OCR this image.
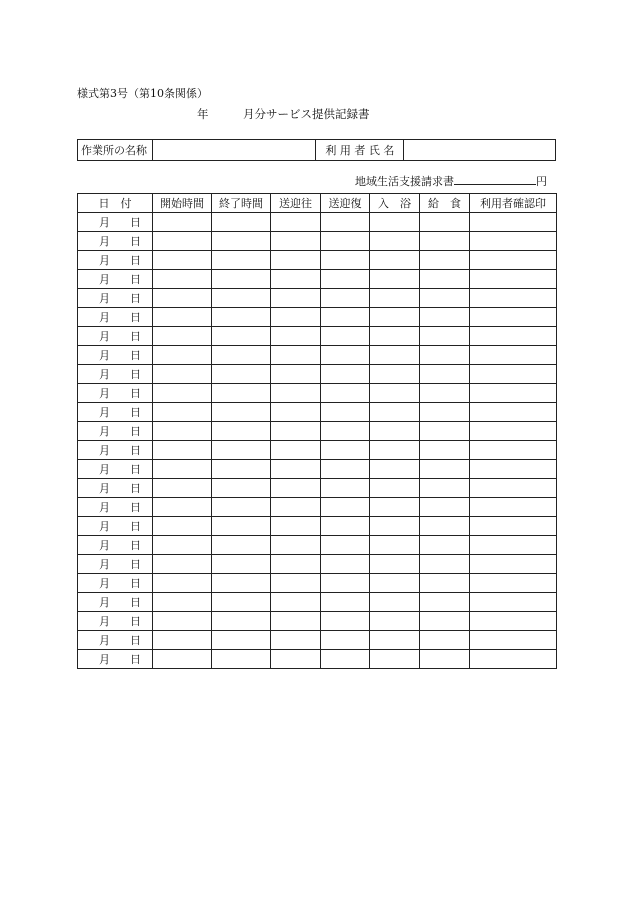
様式第3号（第10条関係）
年	月分サービス提供記録書
作業所の名称		利 用 者 氏 名	
地域生活支援請求書	円
日　付	開始時間	終了時間	送迎往	送迎復	入　浴	給　食	利用者確認印
月 日							
月 日							
月 日							
月 日							
月 日							
月 日							
月 日							
月 日							
月 日							
月 日							
月 日							
月 日							
月 日							
月 日							
月 日							
月 日							
月 日							
月 日							
月 日							
月 日							
月 日							
月 日							
月 日							
月 日							
